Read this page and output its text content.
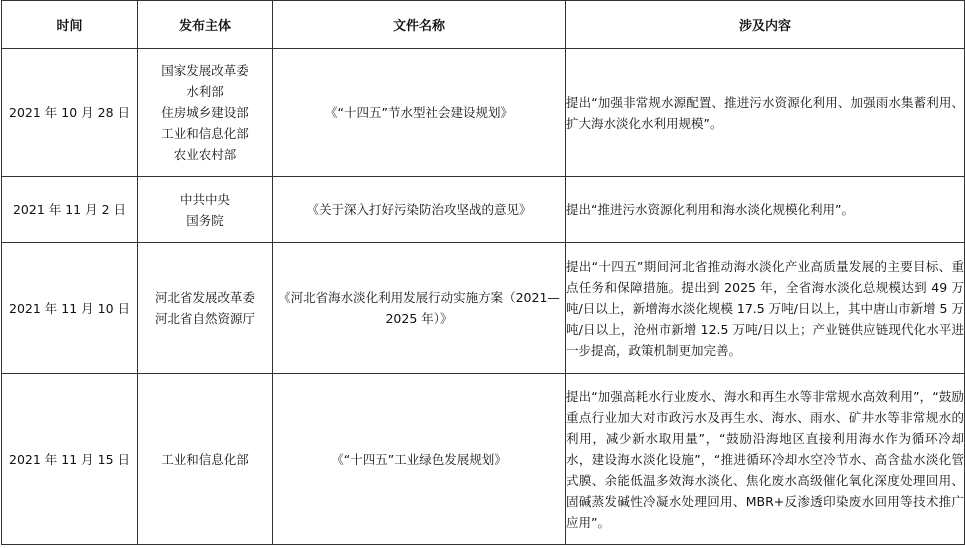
时间	发布主体	文件名称	涉及内容
2021 年 10 月 28 日	国家发展改革委
水利部
住房城乡建设部
工业和信息化部
农业农村部	《“十四五”节水型社会建设规划》	提出“加强非常规水源配置、推进污水资源化利用、加强雨水集蓄利用、扩大海水淡化水利用规模”。
2021 年 11 月 2 日	中共中央
国务院	《关于深入打好污染防治攻坚战的意见》	提出“推进污水资源化利用和海水淡化规模化利用”。
2021 年 11 月 10 日	河北省发展改革委
河北省自然资源厅	《河北省海水淡化利用发展行动实施方案（2021—2025 年）》	提出“十四五”期间河北省推动海水淡化产业高质量发展的主要目标、重点任务和保障措施。提出到 2025 年，全省海水淡化总规模达到 49 万吨/日以上，新增海水淡化规模 17.5 万吨/日以上，其中唐山市新增 5 万吨/日以上，沧州市新增 12.5 万吨/日以上；产业链供应链现代化水平进一步提高，政策机制更加完善。
2021 年 11 月 15 日	工业和信息化部	《“十四五”工业绿色发展规划》	提出“加强高耗水行业废水、海水和再生水等非常规水高效利用”，“鼓励重点行业加大对市政污水及再生水、海水、雨水、矿井水等非常规水的利用，减少新水取用量”，“鼓励沿海地区直接利用海水作为循环冷却水，建设海水淡化设施”，“推进循环冷却水空冷节水、高含盐水淡化管式膜、余能低温多效海水淡化、焦化废水高级催化氧化深度处理回用、固碱蒸发碱性冷凝水处理回用、MBR+反渗透印染废水回用等技术推广应用”。
